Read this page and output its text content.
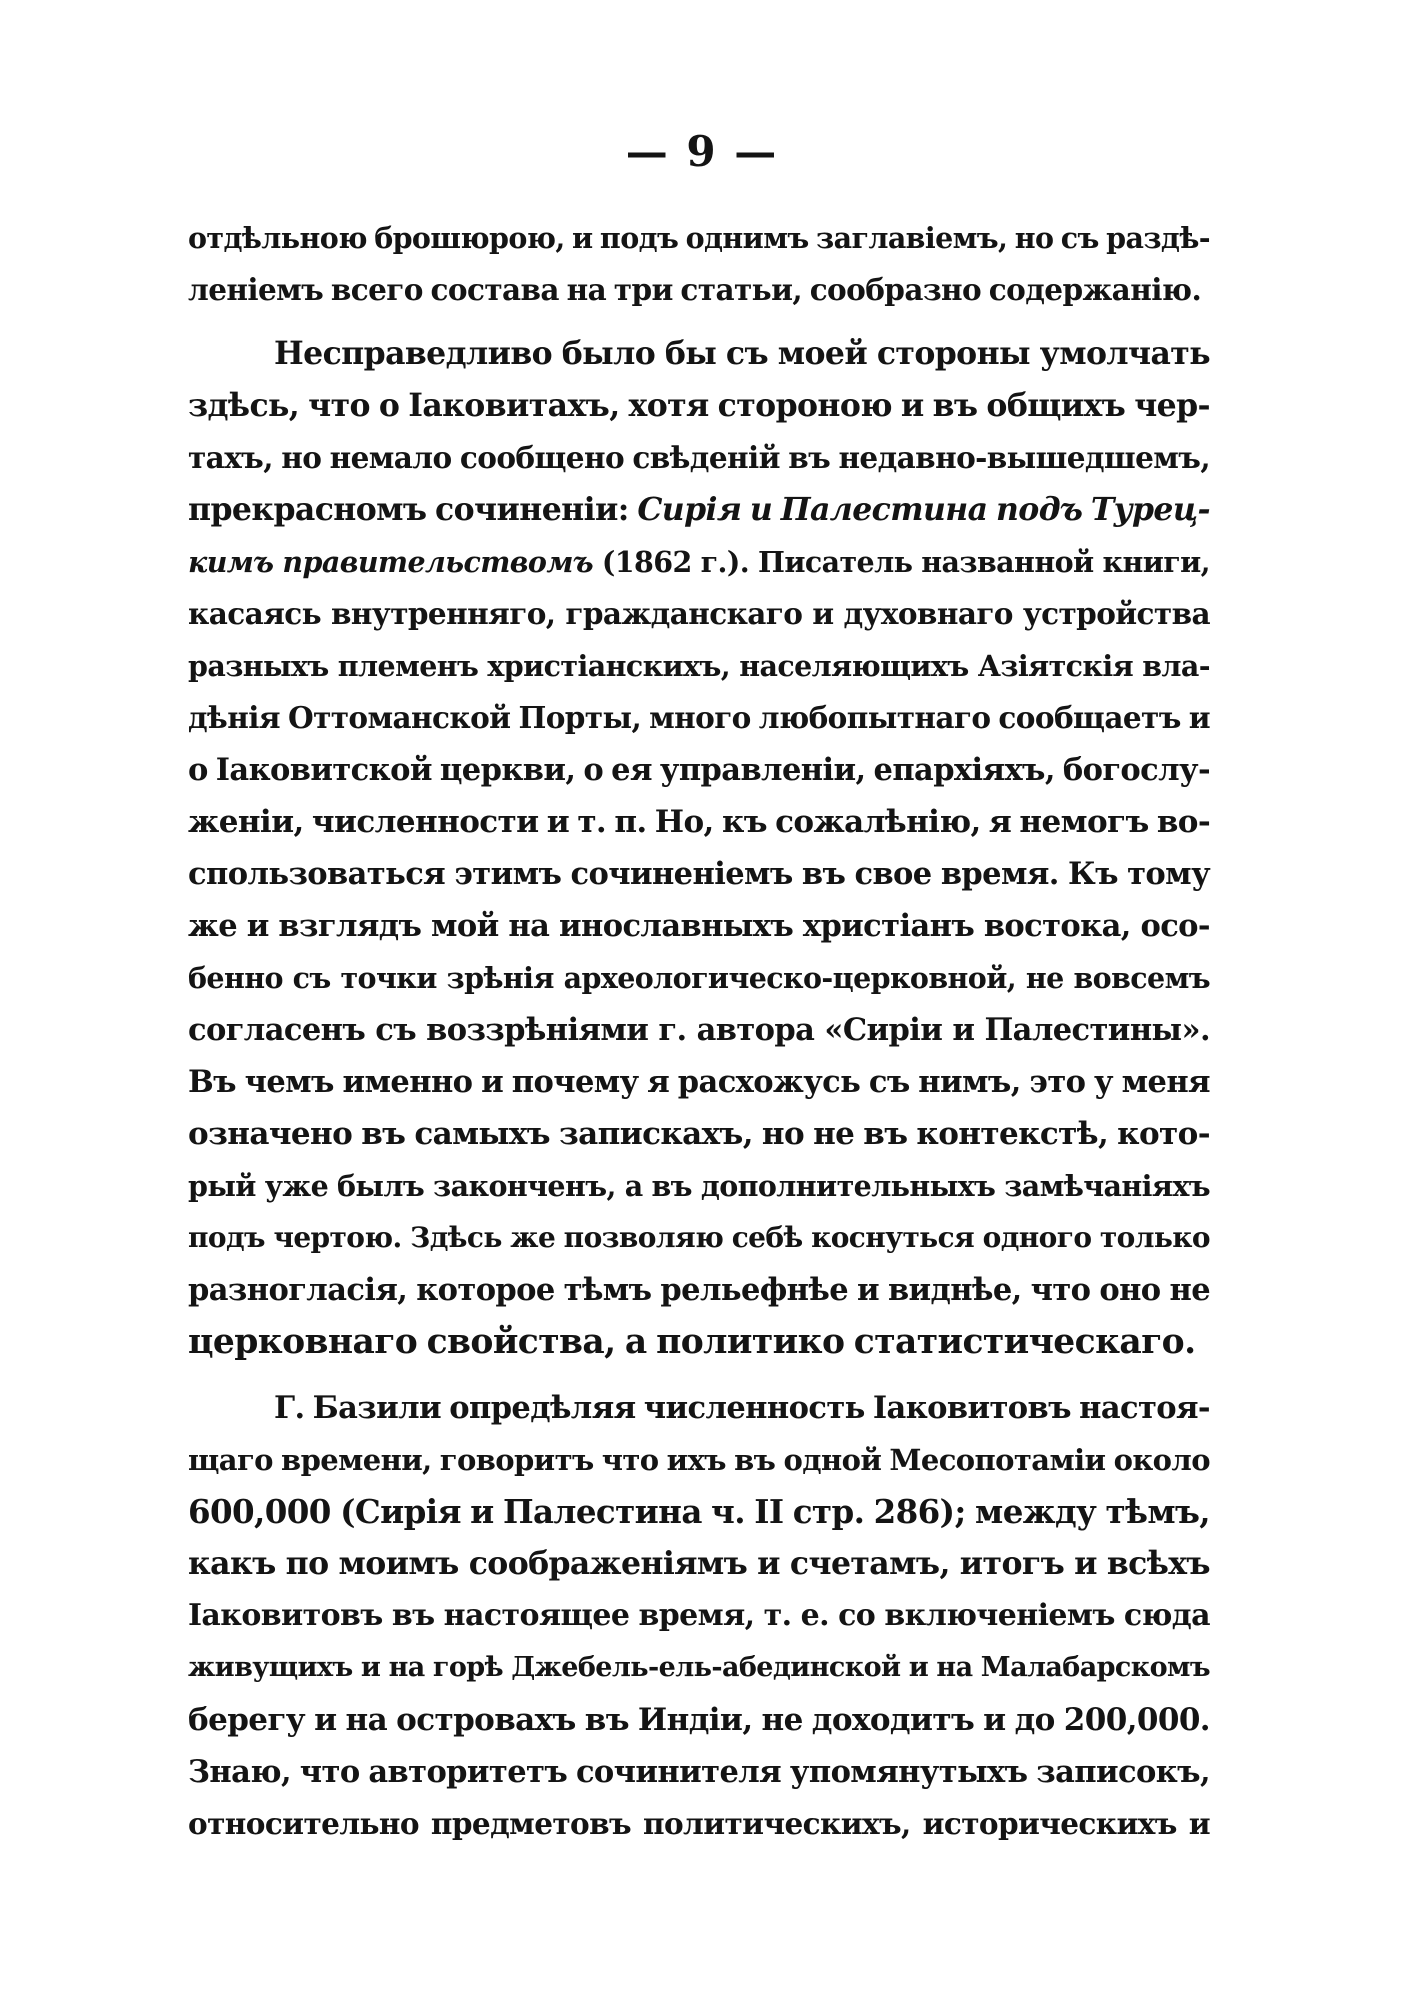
— 9 —
отдѣльною брошюрою, и подъ однимъ заглавіемъ, но съ раздѣ-
леніемъ всего состава на три статьи, сообразно содержанію.
Несправедливо было бы съ моей стороны умолчать
здѣсь, что о Іаковитахъ, хотя стороною и въ общихъ чер-
тахъ, но немало сообщено свѣденій въ недавно-вышедшемъ,
прекрасномъ сочиненіи: Сирія и Палестина подъ Турец-
кимъ правительствомъ (1862 г.). Писатель названной книги,
касаясь внутренняго, гражданскаго и духовнаго устройства
разныхъ племенъ христіанскихъ, населяющихъ Азіятскія вла-
дѣнія Оттоманской Порты, много любопытнаго сообщаетъ и
о Іаковитской церкви, о ея управленіи, епархіяхъ, богослу-
женіи, численности и т. п. Но, къ сожалѣнію, я немогъ во-
спользоваться этимъ сочиненіемъ въ свое время. Къ тому
же и взглядъ мой на инославныхъ христіанъ востока, осо-
бенно съ точки зрѣнія археологическо-церковной, не вовсемъ
согласенъ съ воззрѣніями г. автора «Сиріи и Палестины».
Въ чемъ именно и почему я расхожусь съ нимъ, это у меня
означено въ самыхъ запискахъ, но не въ контекстѣ, кото-
рый уже былъ законченъ, а въ дополнительныхъ замѣчаніяхъ
подъ чертою. Здѣсь же позволяю себѣ коснуться одного только
разногласія, которое тѣмъ рельефнѣе и виднѣе, что оно не
церковнаго свойства, а политико статистическаго.
Г. Базили опредѣляя численность Іаковитовъ настоя-
щаго времени, говоритъ что ихъ въ одной Месопотаміи около
600,000 (Сирія и Палестина ч. II стр. 286); между тѣмъ,
какъ по моимъ соображеніямъ и счетамъ, итогъ и всѣхъ
Іаковитовъ въ настоящее время, т. е. со включеніемъ сюда
живущихъ и на горѣ Джебель-ель-абединской и на Малабарскомъ
берегу и на островахъ въ Индіи, не доходитъ и до 200,000.
Знаю, что авторитетъ сочинителя упомянутыхъ записокъ,
относительно предметовъ политическихъ, историческихъ и
